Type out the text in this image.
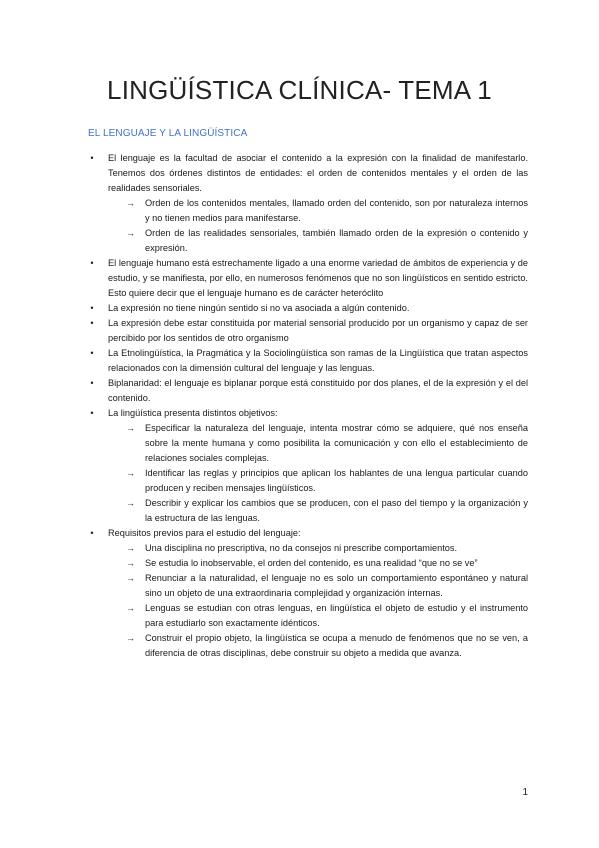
LINGÜÍSTICA CLÍNICA- TEMA 1
EL LENGUAJE Y LA LINGÜÍSTICA
• El lenguaje es la facultad de asociar el contenido a la expresión con la finalidad de manifestarlo. Tenemos dos órdenes distintos de entidades: el orden de contenidos mentales y el orden de las realidades sensoriales.
→ Orden de los contenidos mentales, llamado orden del contenido, son por naturaleza internos y no tienen medios para manifestarse.
→ Orden de las realidades sensoriales, también llamado orden de la expresión o contenido y expresión.
• El lenguaje humano está estrechamente ligado a una enorme variedad de ámbitos de experiencia y de estudio, y se manifiesta, por ello, en numerosos fenómenos que no son lingüísticos en sentido estricto. Esto quiere decir que el lenguaje humano es de carácter heteróclito
• La expresión no tiene ningún sentido si no va asociada a algún contenido.
• La expresión debe estar constituida por material sensorial producido por un organismo y capaz de ser percibido por los sentidos de otro organismo
• La Etnolingüística, la Pragmática y la Sociolingüística son ramas de la Lingüística que tratan aspectos relacionados con la dimensión cultural del lenguaje y las lenguas.
• Biplanaridad: el lenguaje es biplanar porque está constituido por dos planes, el de la expresión y el del contenido.
• La lingüística presenta distintos objetivos:
→ Especificar la naturaleza del lenguaje, intenta mostrar cómo se adquiere, qué nos enseña sobre la mente humana y como posibilita la comunicación y con ello el establecimiento de relaciones sociales complejas.
→ Identificar las reglas y principios que aplican los hablantes de una lengua particular cuando producen y reciben mensajes lingüísticos.
→ Describir y explicar los cambios que se producen, con el paso del tiempo y la organización y la estructura de las lenguas.
• Requisitos previos para el estudio del lenguaje:
→ Una disciplina no prescriptiva, no da consejos ni prescribe comportamientos.
→ Se estudia lo inobservable, el orden del contenido, es una realidad “que no se ve”
→ Renunciar a la naturalidad, el lenguaje no es solo un comportamiento espontáneo y natural sino un objeto de una extraordinaria complejidad y organización internas.
→ Lenguas se estudian con otras lenguas, en lingüística el objeto de estudio y el instrumento para estudiarlo son exactamente idénticos.
→ Construir el propio objeto, la lingüística se ocupa a menudo de fenómenos que no se ven, a diferencia de otras disciplinas, debe construir su objeto a medida que avanza.
1
